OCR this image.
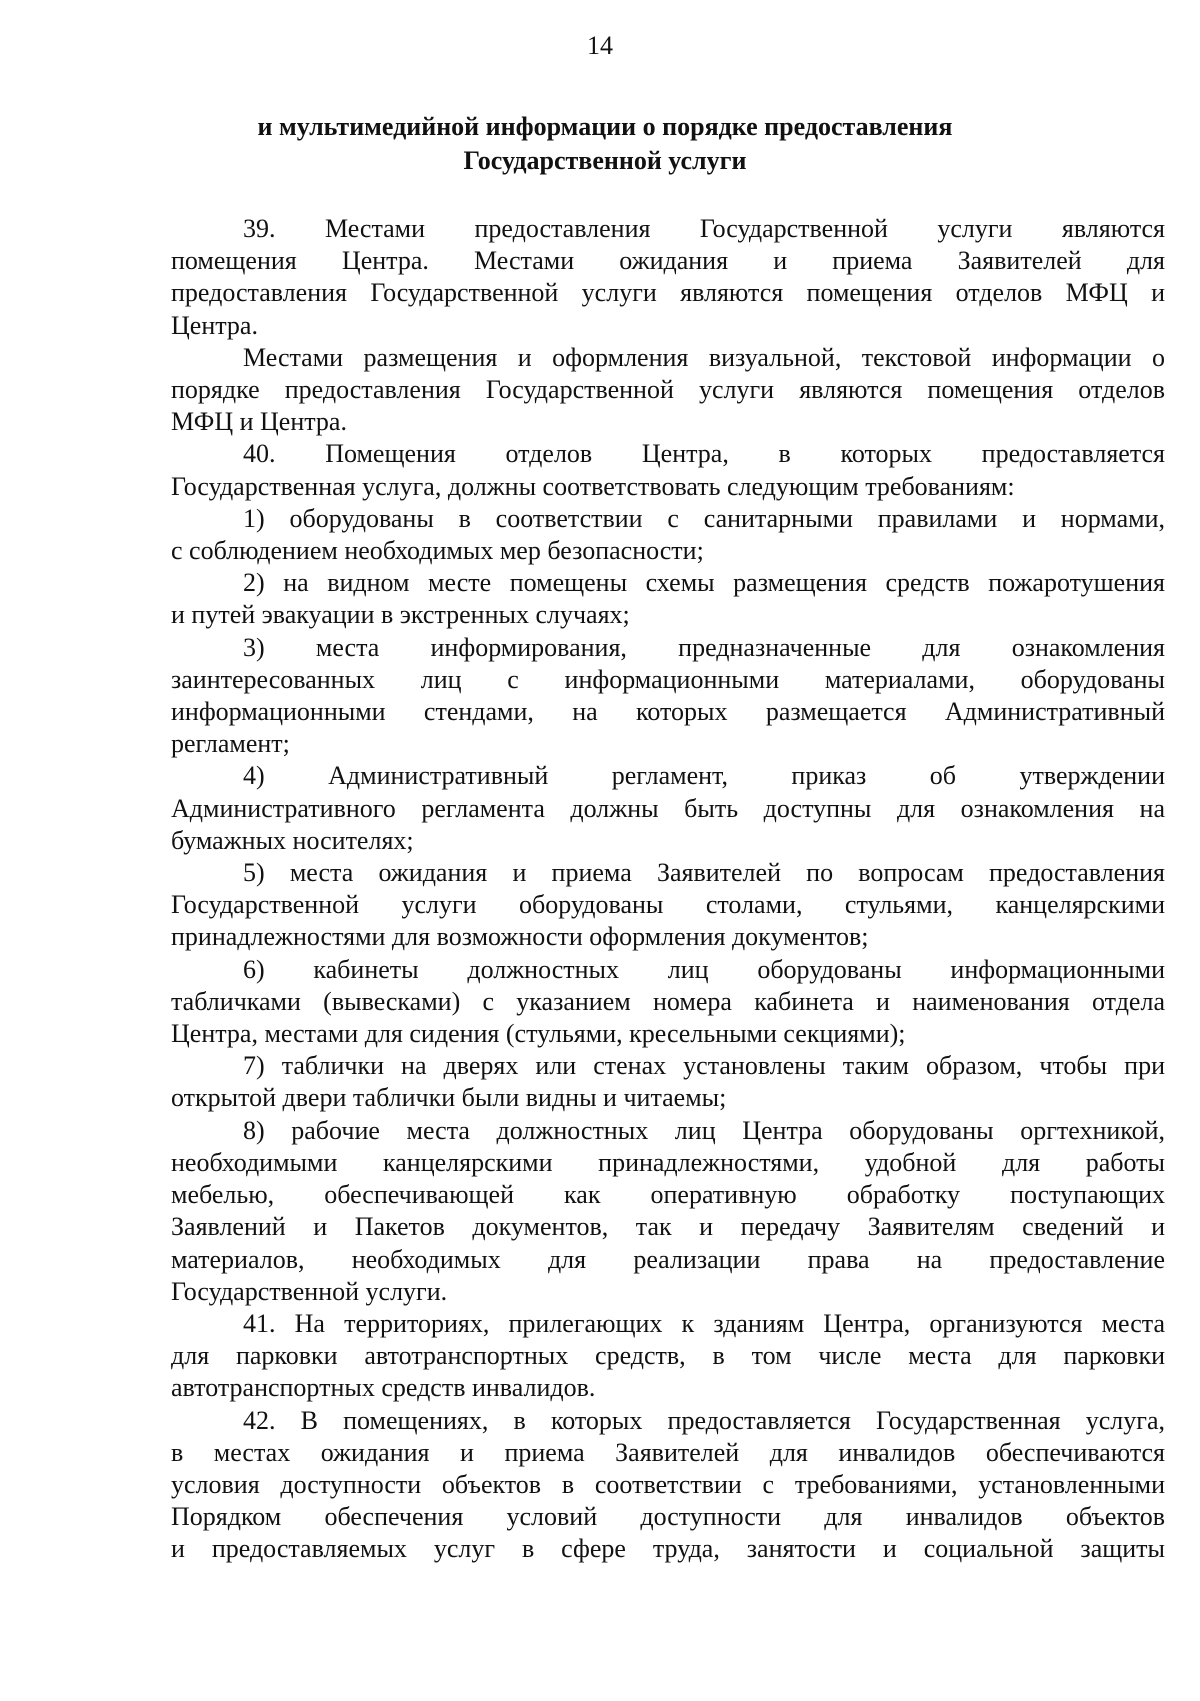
14
и мультимедийной информации о порядке предоставления
Государственной услуги
39. Местами предоставления Государственной услуги являются
помещения Центра. Местами ожидания и приема Заявителей для
предоставления Государственной услуги являются помещения отделов МФЦ и
Центра.
Местами размещения и оформления визуальной, текстовой информации о
порядке предоставления Государственной услуги являются помещения отделов
МФЦ и Центра.
40. Помещения отделов Центра, в которых предоставляется
Государственная услуга, должны соответствовать следующим требованиям:
1) оборудованы в соответствии с санитарными правилами и нормами,
с соблюдением необходимых мер безопасности;
2) на видном месте помещены схемы размещения средств пожаротушения
и путей эвакуации в экстренных случаях;
3) места информирования, предназначенные для ознакомления
заинтересованных лиц с информационными материалами, оборудованы
информационными стендами, на которых размещается Административный
регламент;
4) Административный регламент, приказ об утверждении
Административного регламента должны быть доступны для ознакомления на
бумажных носителях;
5) места ожидания и приема Заявителей по вопросам предоставления
Государственной услуги оборудованы столами, стульями, канцелярскими
принадлежностями для возможности оформления документов;
6) кабинеты должностных лиц оборудованы информационными
табличками (вывесками) с указанием номера кабинета и наименования отдела
Центра, местами для сидения (стульями, кресельными секциями);
7) таблички на дверях или стенах установлены таким образом, чтобы при
открытой двери таблички были видны и читаемы;
8) рабочие места должностных лиц Центра оборудованы оргтехникой,
необходимыми канцелярскими принадлежностями, удобной для работы
мебелью, обеспечивающей как оперативную обработку поступающих
Заявлений и Пакетов документов, так и передачу Заявителям сведений и
материалов, необходимых для реализации права на предоставление
Государственной услуги.
41. На территориях, прилегающих к зданиям Центра, организуются места
для парковки автотранспортных средств, в том числе места для парковки
автотранспортных средств инвалидов.
42. В помещениях, в которых предоставляется Государственная услуга,
в местах ожидания и приема Заявителей для инвалидов обеспечиваются
условия доступности объектов в соответствии с требованиями, установленными
Порядком обеспечения условий доступности для инвалидов объектов
и предоставляемых услуг в сфере труда, занятости и социальной защиты
